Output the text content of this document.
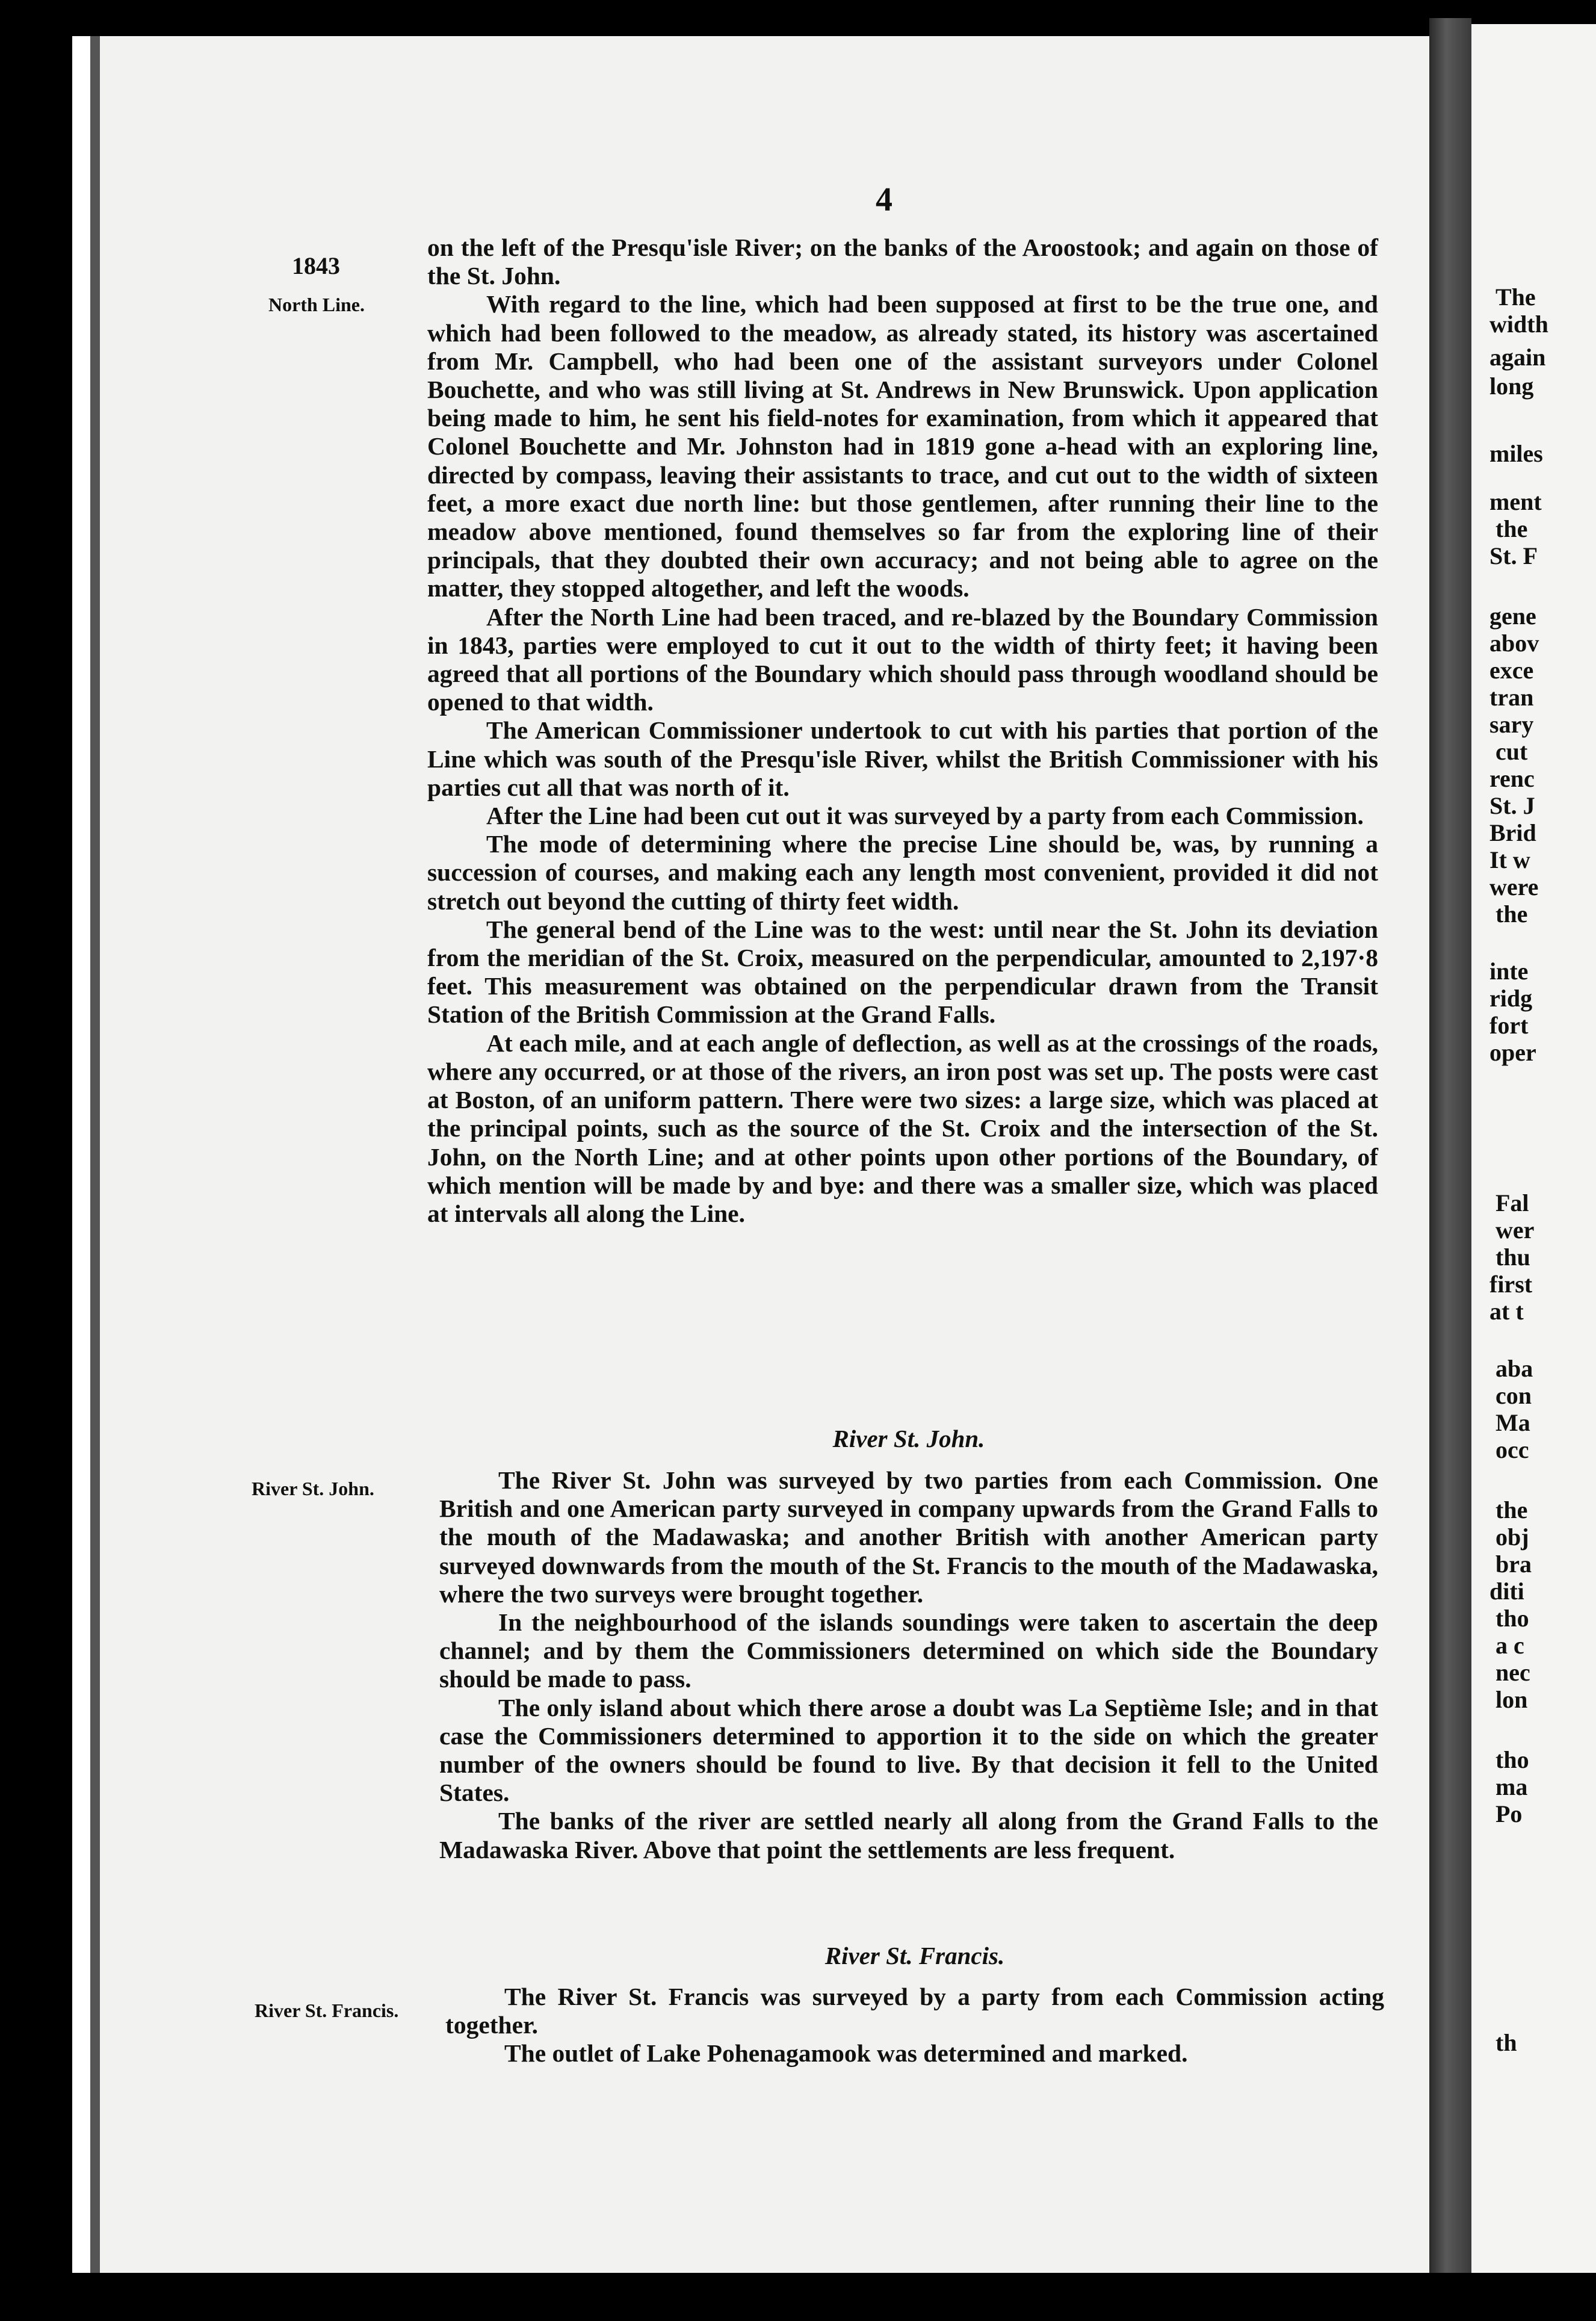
The
width
again
long
miles
ment
the
St. F
gene
abov
exce
tran
sary
cut
renc
St. J
Brid
It w
were
the
inte
ridg
fort
oper
Fal
wer
thu
first
at t
aba
con
Ma
occ
the
obj
bra
diti
tho
a c
nec
lon
tho
ma
Po
th
4
1843
North Line.
River St. John.
River St. Francis.

on the left of the Presqu'isle River; on the banks of the Aroostook; and again on those of the St. John.

With regard to the line, which had been supposed at first to be the true one, and which had been followed to the meadow, as already stated, its history was ascertained from Mr. Campbell, who had been one of the assistant surveyors under Colonel Bouchette, and who was still living at St. Andrews in New Brunswick. Upon application being made to him, he sent his field-notes for examination, from which it appeared that Colonel Bouchette and Mr. Johnston had in 1819 gone a-head with an exploring line, directed by compass, leaving their assistants to trace, and cut out to the width of sixteen feet, a more exact due north line: but those gentlemen, after running their line to the meadow above mentioned, found themselves so far from the exploring line of their principals, that they doubted their own accuracy; and not being able to agree on the matter, they stopped altogether, and left the woods.

After the North Line had been traced, and re-blazed by the Boundary Commission in 1843, parties were employed to cut it out to the width of thirty feet; it having been agreed that all portions of the Boundary which should pass through woodland should be opened to that width.

The American Commissioner undertook to cut with his parties that portion of the Line which was south of the Presqu'isle River, whilst the British Commissioner with his parties cut all that was north of it.

After the Line had been cut out it was surveyed by a party from each Commission.

The mode of determining where the precise Line should be, was, by running a succession of courses, and making each any length most convenient, provided it did not stretch out beyond the cutting of thirty feet width.

The general bend of the Line was to the west: until near the St. John its deviation from the meridian of the St. Croix, measured on the perpendicular, amounted to 2,197·8 feet. This measurement was obtained on the perpendicular drawn from the Transit Station of the British Commission at the Grand Falls.

At each mile, and at each angle of deflection, as well as at the crossings of the roads, where any occurred, or at those of the rivers, an iron post was set up. The posts were cast at Boston, of an uniform pattern. There were two sizes: a large size, which was placed at the principal points, such as the source of the St. Croix and the intersection of the St. John, on the North Line; and at other points upon other portions of the Boundary, of which mention will be made by and bye: and there was a smaller size, which was placed at intervals all along the Line.

River St. John.

The River St. John was surveyed by two parties from each Commission. One British and one American party surveyed in company upwards from the Grand Falls to the mouth of the Madawaska; and another British with another American party surveyed downwards from the mouth of the St. Francis to the mouth of the Madawaska, where the two surveys were brought together.

In the neighbourhood of the islands soundings were taken to ascertain the deep channel; and by them the Commissioners determined on which side the Boundary should be made to pass.

The only island about which there arose a doubt was La Septième Isle; and in that case the Commissioners determined to apportion it to the side on which the greater number of the owners should be found to live. By that decision it fell to the United States.

The banks of the river are settled nearly all along from the Grand Falls to the Madawaska River. Above that point the settlements are less frequent.

River St. Francis.

The River St. Francis was surveyed by a party from each Commission acting together.

The outlet of Lake Pohenagamook was determined and marked.
